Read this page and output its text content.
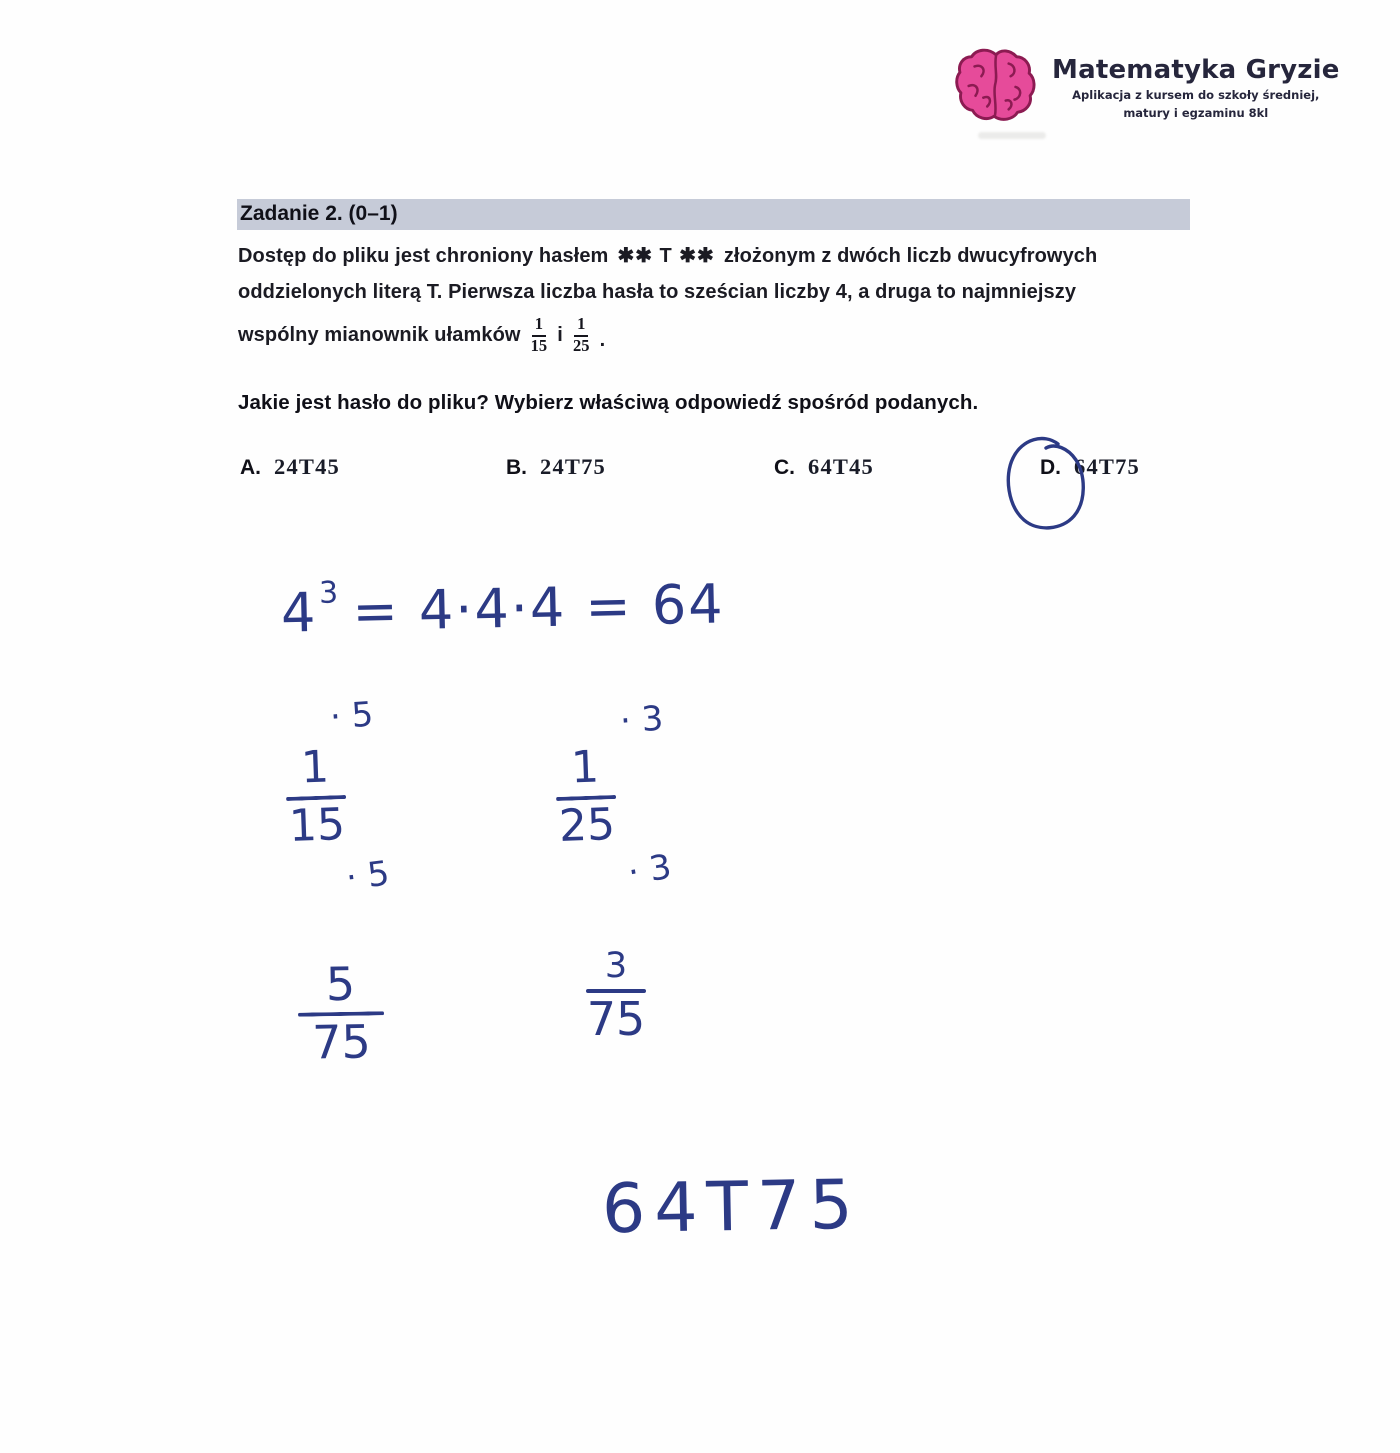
Matematyka Gryzie
Aplikacja z kursem do szkoły średniej,
matury i egzaminu 8kl
Zadanie 2. (0–1)
Dostęp do pliku jest chroniony hasłem ✱✱ T ✱✱ złożonym z dwóch liczb dwucyfrowych
oddzielonych literą T. Pierwsza liczba hasła to sześcian liczby 4, a druga to najmniejszy
wspólny mianownik ułamków $\frac{1}{15}$ i $\frac{1}{25}$ .
Jakie jest hasło do pliku? Wybierz właściwą odpowiedź spośród podanych.
A. 24T45	B. 24T75	C. 64T45	D. 64T75
$4^3 = 4\cdot 4\cdot 4 = 64$
· 5
1
15
· 5
· 3
1
25
· 3
5
75
3
75
64T75
